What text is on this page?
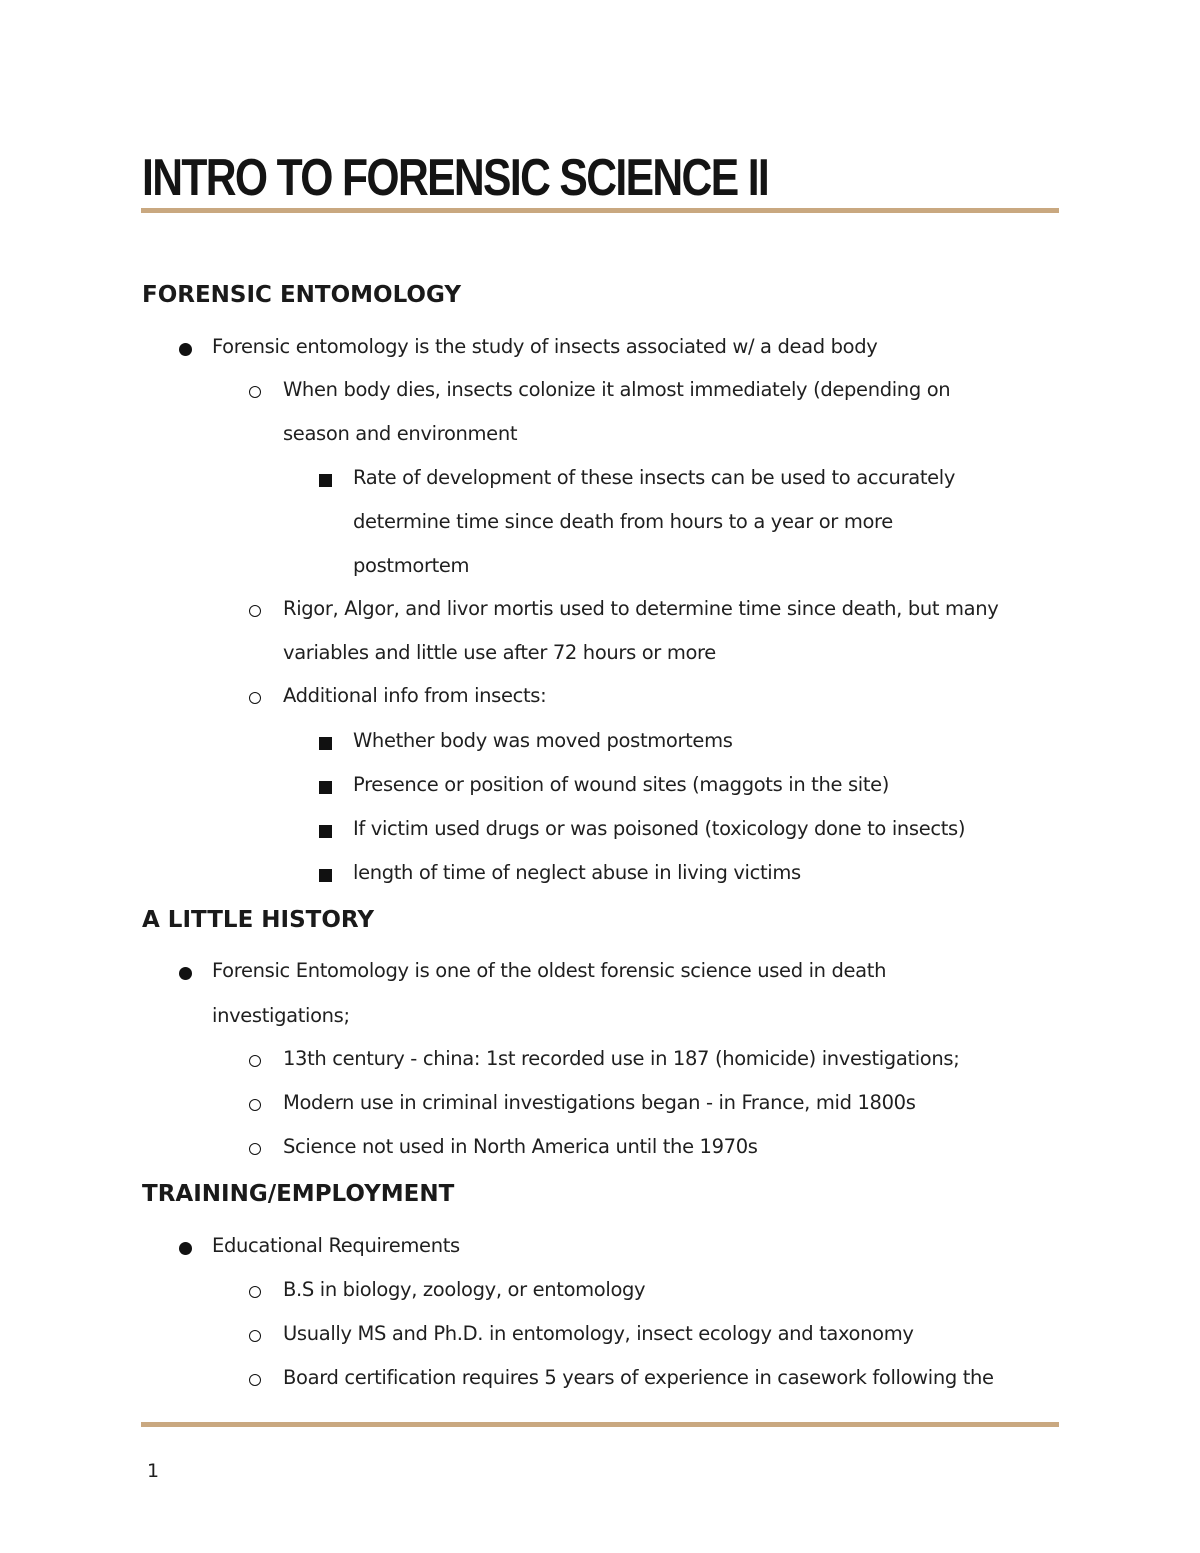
INTRO TO FORENSIC SCIENCE II
FORENSIC ENTOMOLOGY
Forensic entomology is the study of insects associated w/ a dead body
When body dies, insects colonize it almost immediately (depending on
season and environment
Rate of development of these insects can be used to accurately
determine time since death from hours to a year or more
postmortem
Rigor, Algor, and livor mortis used to determine time since death, but many
variables and little use after 72 hours or more
Additional info from insects:
Whether body was moved postmortems
Presence or position of wound sites (maggots in the site)
If victim used drugs or was poisoned (toxicology done to insects)
length of time of neglect abuse in living victims
A LITTLE HISTORY
Forensic Entomology is one of the oldest forensic science used in death
investigations;
13th century - china: 1st recorded use in 187 (homicide) investigations;
Modern use in criminal investigations began - in France, mid 1800s
Science not used in North America until the 1970s
TRAINING/EMPLOYMENT
Educational Requirements
B.S in biology, zoology, or entomology
Usually MS and Ph.D. in entomology, insect ecology and taxonomy
Board certification requires 5 years of experience in casework following the
1
